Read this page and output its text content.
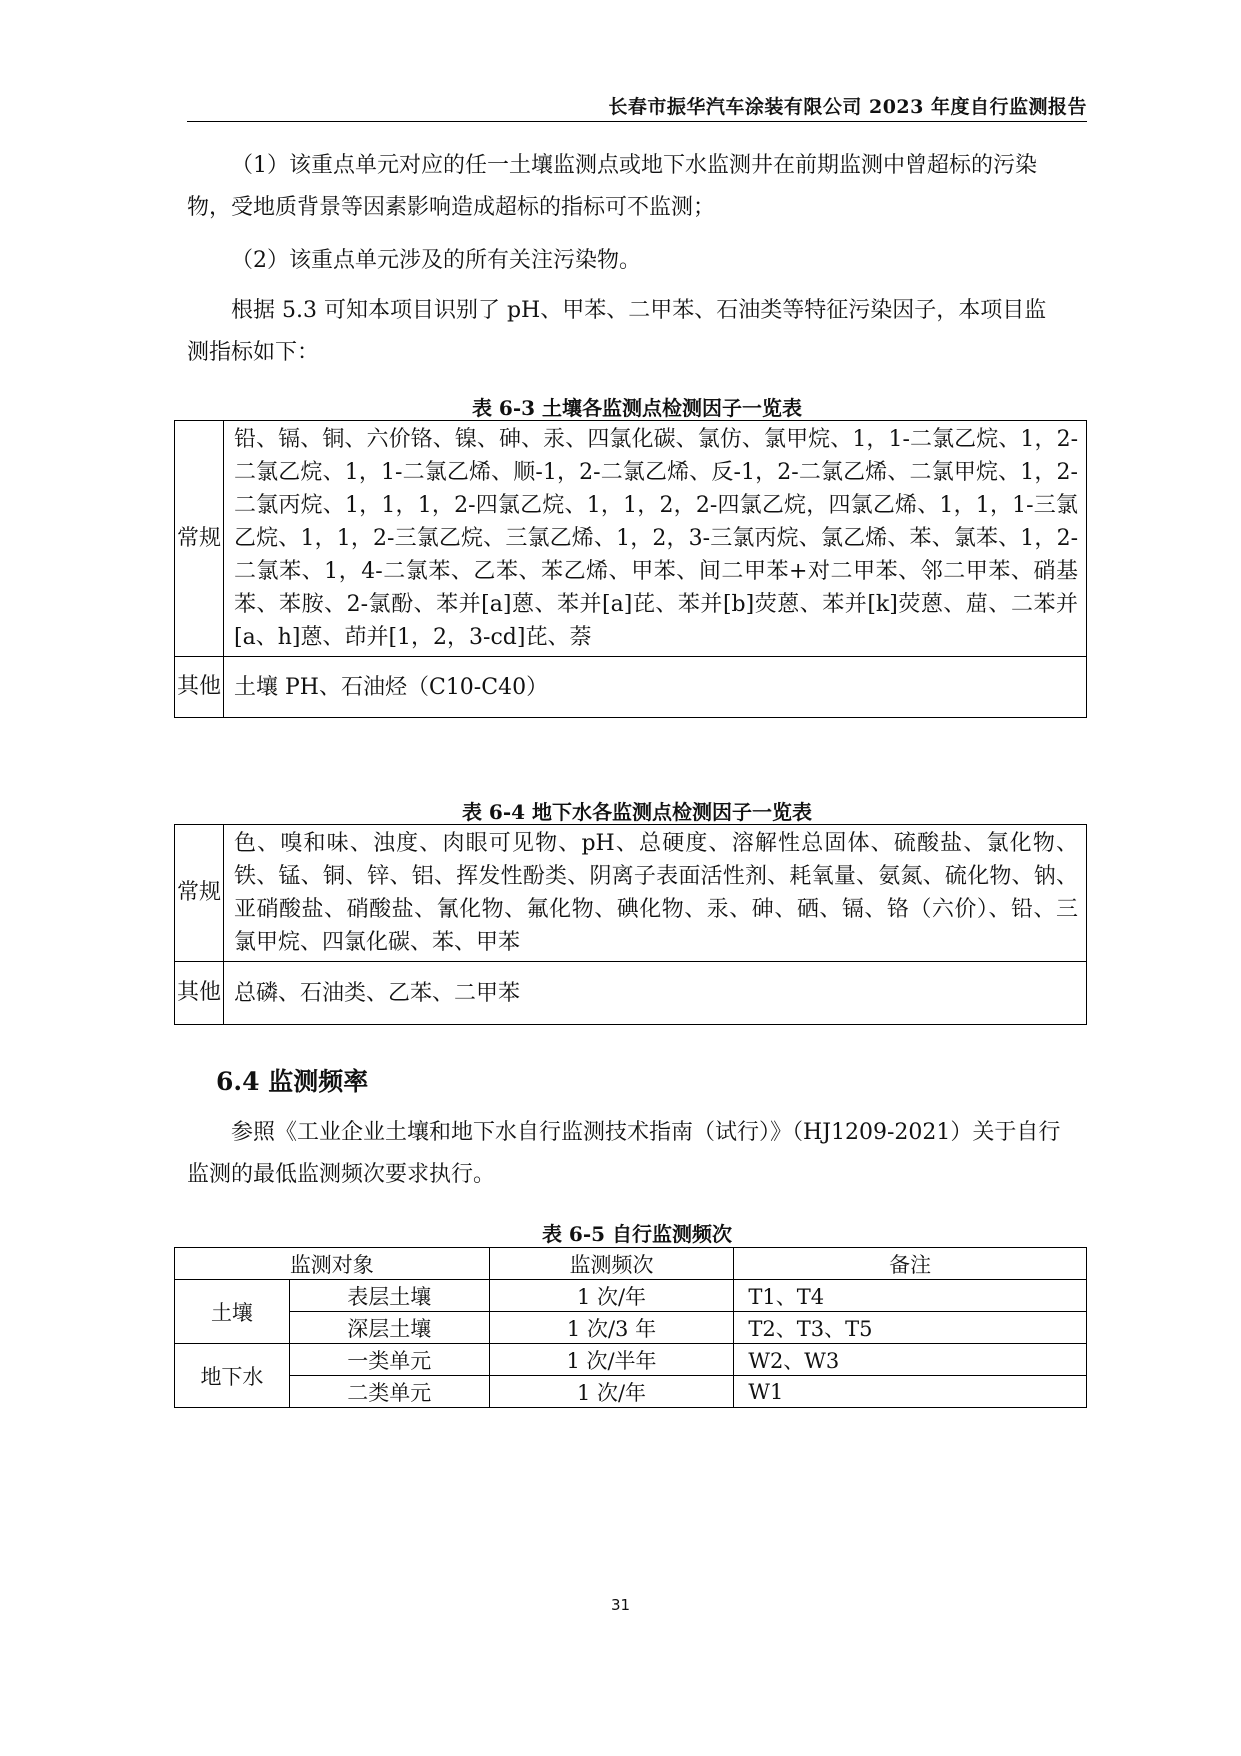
长春市振华汽车涂装有限公司 2023 年度自行监测报告
（1）该重点单元对应的任一土壤监测点或地下水监测井在前期监测中曾超标的污染物，受地质背景等因素影响造成超标的指标可不监测；
（2）该重点单元涉及的所有关注污染物。
根据 5.3 可知本项目识别了 pH、甲苯、二甲苯、石油类等特征污染因子，本项目监测指标如下：
表 6-3 土壤各监测点检测因子一览表
常规	铅、镉、铜、六价铬、镍、砷、汞、四氯化碳、氯仿、氯甲烷、1，1-二氯乙烷、1，2-二氯乙烷、1，1-二氯乙烯、顺-1，2-二氯乙烯、反-1，2-二氯乙烯、二氯甲烷、1，2-二氯丙烷、1，1，1，2-四氯乙烷、1，1，2，2-四氯乙烷，四氯乙烯、1，1，1-三氯乙烷、1，1，2-三氯乙烷、三氯乙烯、1，2，3-三氯丙烷、氯乙烯、苯、氯苯、1，2-二氯苯、1，4-二氯苯、乙苯、苯乙烯、甲苯、间二甲苯+对二甲苯、邻二甲苯、硝基苯、苯胺、2-氯酚、苯并[a]蒽、苯并[a]芘、苯并[b]荧蒽、苯并[k]荧蒽、䓛、二苯并[a、h]蒽、茚并[1，2，3-cd]芘、萘
其他	土壤 PH、石油烃（C10-C40）
表 6-4 地下水各监测点检测因子一览表
常规	色、嗅和味、浊度、肉眼可见物、pH、总硬度、溶解性总固体、硫酸盐、氯化物、铁、锰、铜、锌、铝、挥发性酚类、阴离子表面活性剂、耗氧量、氨氮、硫化物、钠、亚硝酸盐、硝酸盐、氰化物、氟化物、碘化物、汞、砷、硒、镉、铬（六价）、铅、三氯甲烷、四氯化碳、苯、甲苯
其他	总磷、石油类、乙苯、二甲苯
6.4 监测频率
参照《工业企业土壤和地下水自行监测技术指南（试行）》（HJ1209-2021）关于自行监测的最低监测频次要求执行。
表 6-5 自行监测频次
监测对象		监测频次	备注
土壤	表层土壤	1 次/年	T1、T4
	深层土壤	1 次/3 年	T2、T3、T5
地下水	一类单元	1 次/半年	W2、W3
	二类单元	1 次/年	W1
31
